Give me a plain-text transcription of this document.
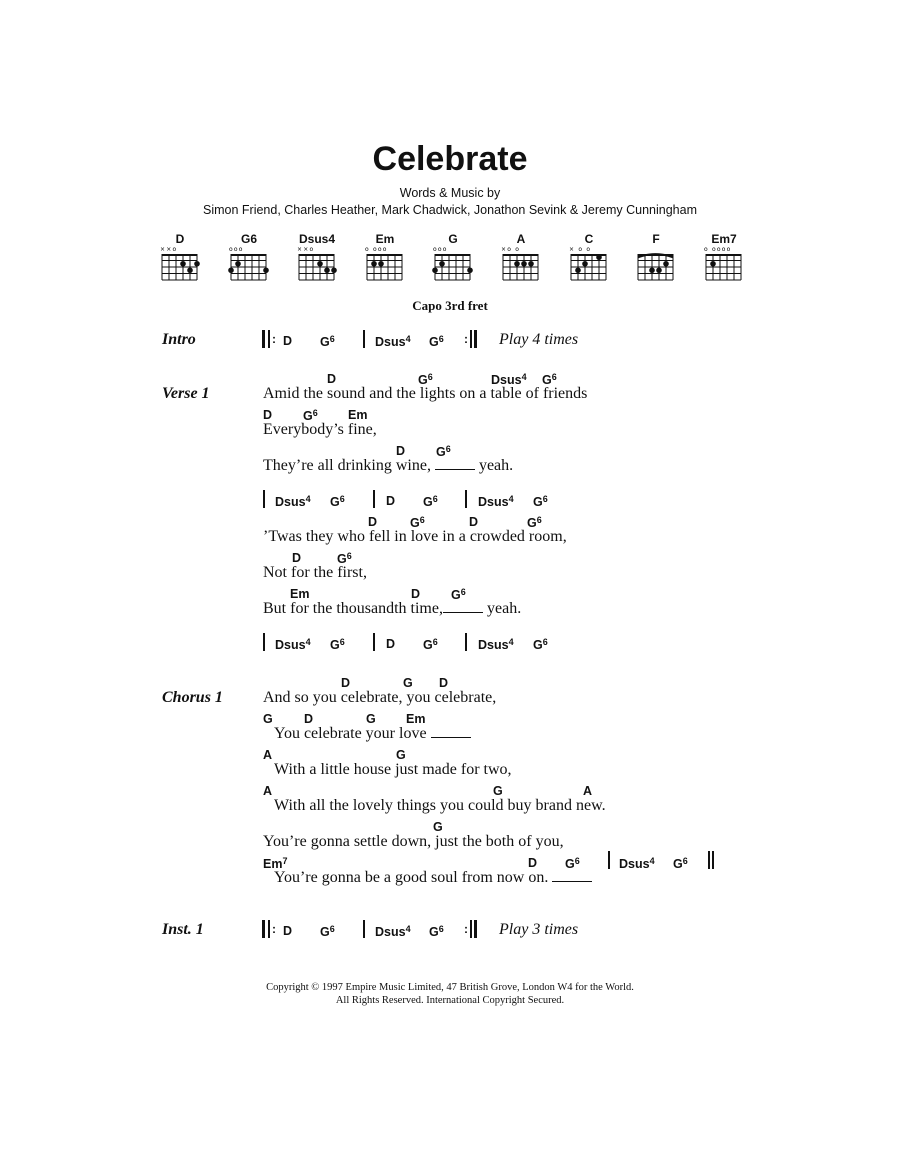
Celebrate
Words & Music by
Simon Friend, Charles Heather, Mark Chadwick, Jonathon Sevink & Jeremy Cunningham
D
××o
G6
ooo
Dsus4
××o
Em
o ooo
G
ooo
A
×o o
C
× o o
F	Em7
o oooo
Capo 3rd fret
Intro	: D $G^6$	Dsus$^4$ $G^6$ : Play 4 times
Verse 1
D	$G^6$	Dsus$^4$ $G^6$
Amid the sound and the lights on a table of friends
D $G^6$ Em
Everybody’s fine,
D $G^6$
They’re all drinking wine,	yeah.
Dsus$^4$ $G^6$	D $G^6$	Dsus$^4$ $G^6$
D	$G^6$	D	$G^6$
’Twas they who fell in love in a crowded room,
D	$G^6$
Not for the first,
Em	D $G^6$
But for the thousandth time,	yeah.
Dsus$^4$ $G^6$	D $G^6$	Dsus$^4$ $G^6$
Chorus 1
D	G D
And so you celebrate, you celebrate,
G	D	G Em
You celebrate your love
A	G
With a little house just made for two,
A	G	A
With all the lovely things you could buy brand new.
G
You’re gonna settle down, just the both of you,
Em$^7$	D $G^6$	Dsus$^4$ $G^6$
You’re gonna be a good soul from now on.
Inst. 1	: D $G^6$	Dsus$^4$ $G^6$ : Play 3 times
Copyright © 1997 Empire Music Limited, 47 British Grove, London W4 for the World.
All Rights Reserved. International Copyright Secured.
